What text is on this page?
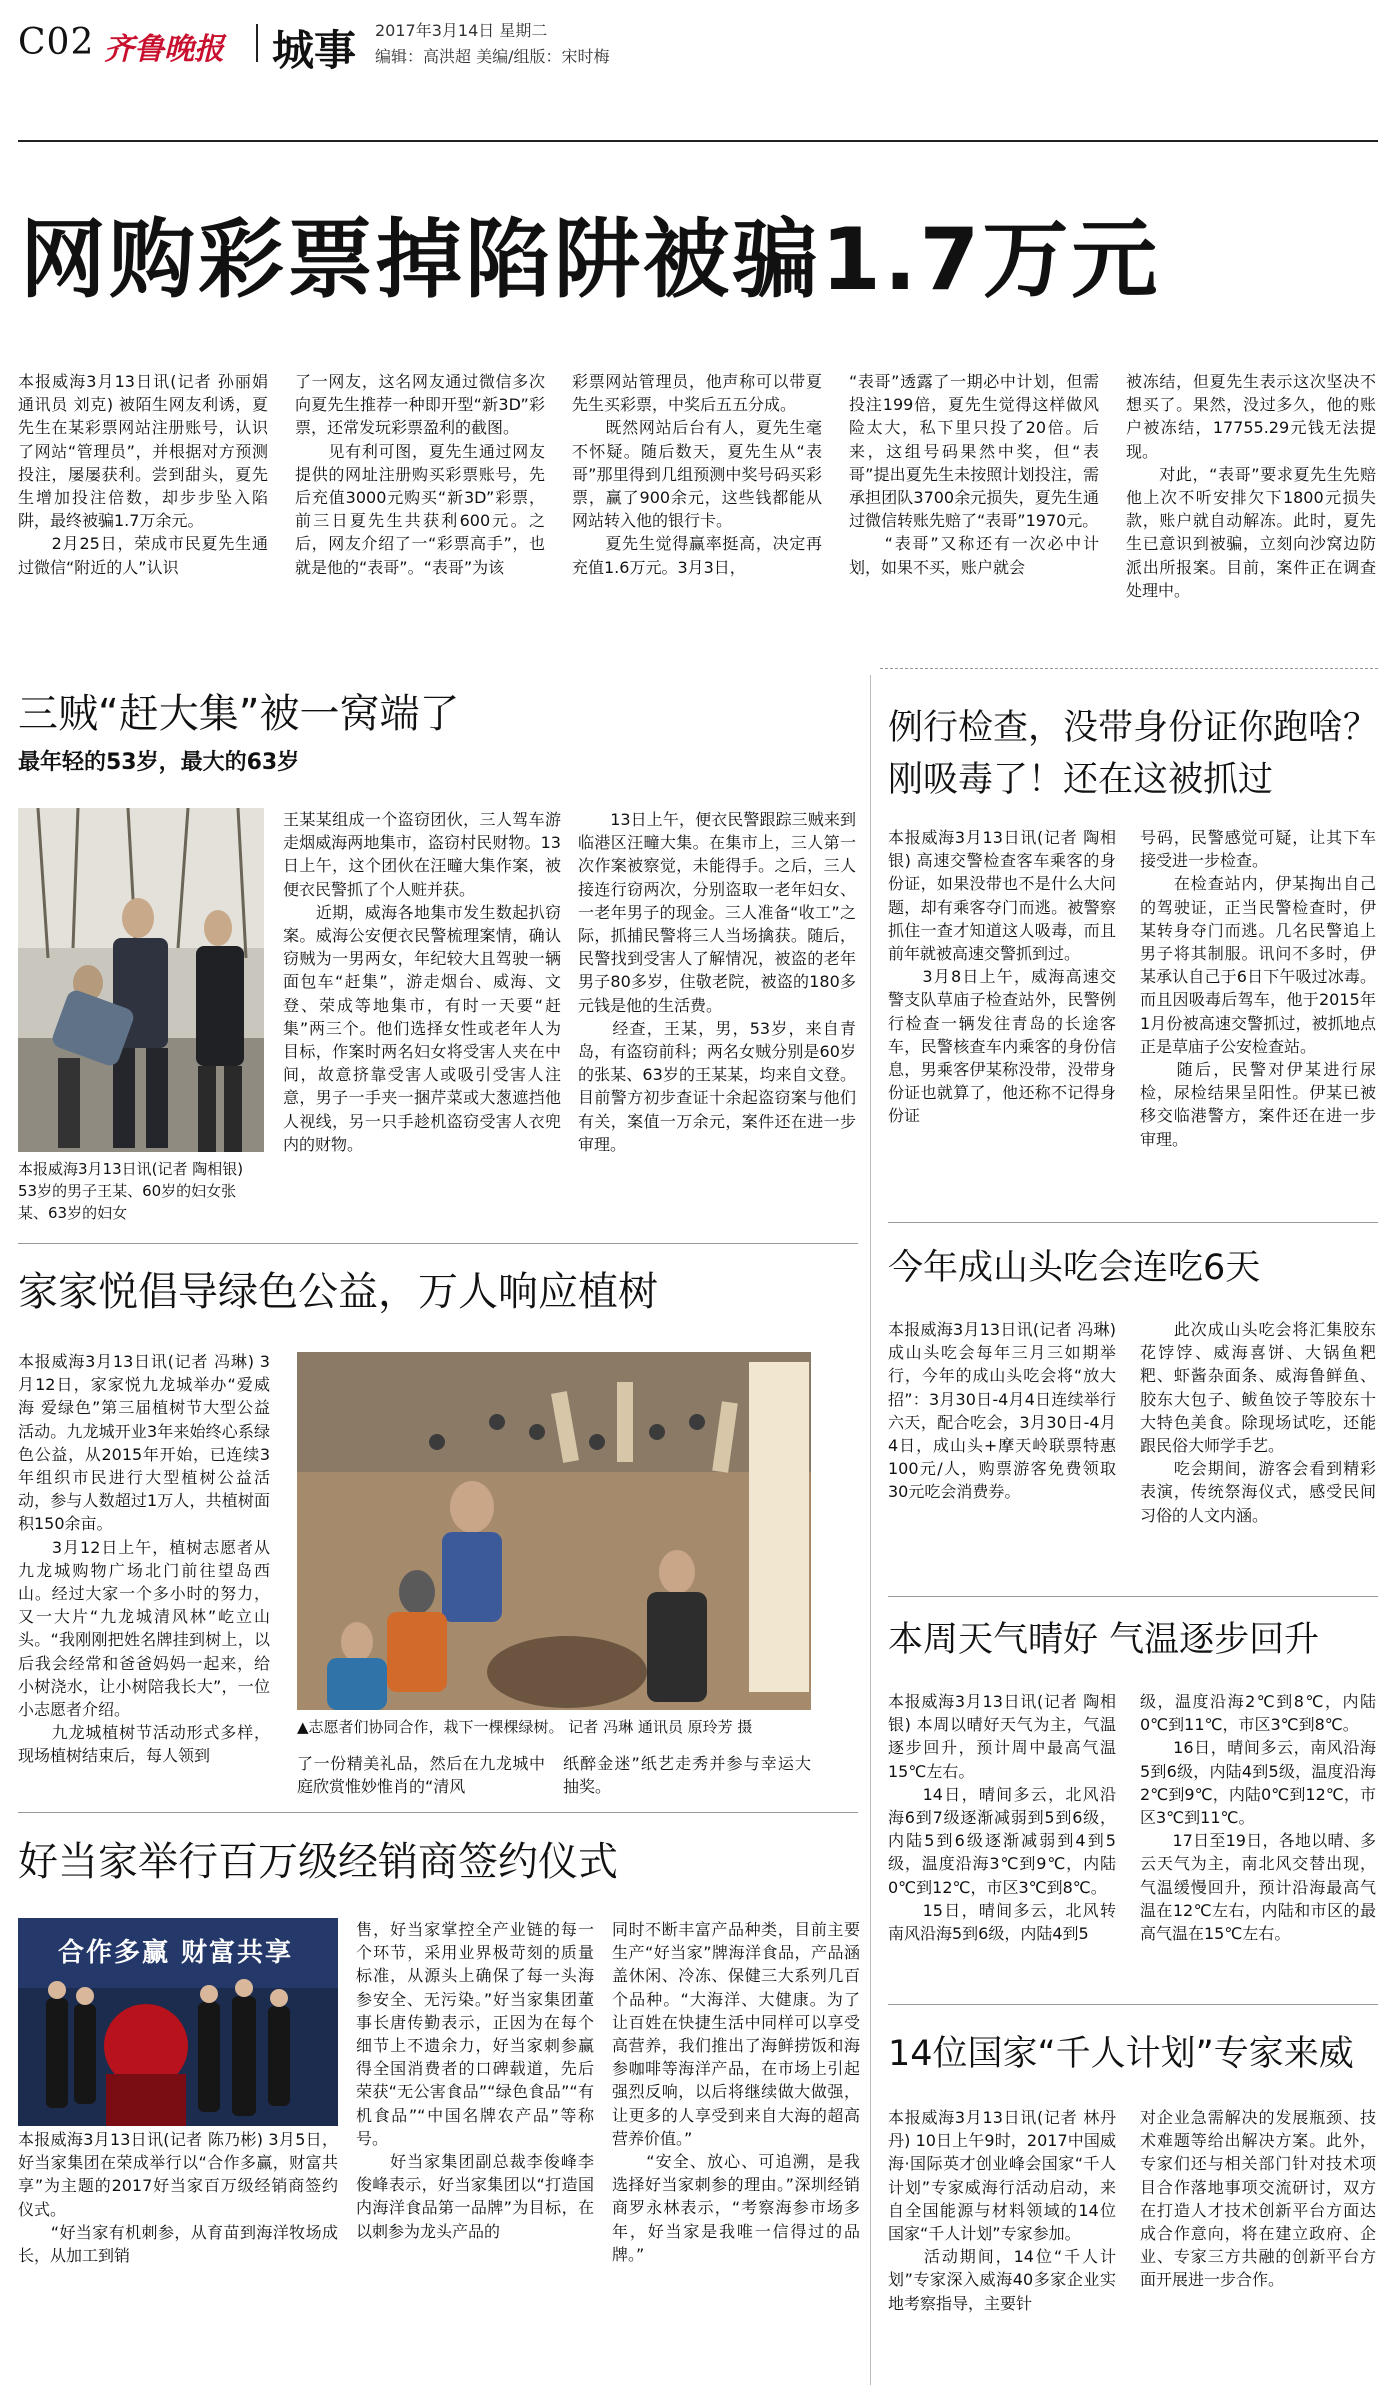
C02 齐鲁晚报 城事 2017年3月14日 星期二
编辑：高洪超 美编/组版：宋时梅
网购彩票掉陷阱被骗1.7万元
本报威海3月13日讯(记者 孙丽娟 通讯员 刘克) 被陌生网友利诱，夏先生在某彩票网站注册账号，认识了网站“管理员”，并根据对方预测投注，屡屡获利。尝到甜头，夏先生增加投注倍数，却步步坠入陷阱，最终被骗1.7万余元。
　　2月25日，荣成市民夏先生通过微信“附近的人”认识
了一网友，这名网友通过微信多次向夏先生推荐一种即开型“新3D”彩票，还常发玩彩票盈利的截图。
　　见有利可图，夏先生通过网友提供的网址注册购买彩票账号，先后充值3000元购买“新3D”彩票，前三日夏先生共获利600元。之后，网友介绍了一“彩票高手”，也就是他的“表哥”。“表哥”为该
彩票网站管理员，他声称可以带夏先生买彩票，中奖后五五分成。
　　既然网站后台有人，夏先生毫不怀疑。随后数天，夏先生从“表哥”那里得到几组预测中奖号码买彩票，赢了900余元，这些钱都能从网站转入他的银行卡。
　　夏先生觉得赢率挺高，决定再充值1.6万元。3月3日，
“表哥”透露了一期必中计划，但需投注199倍，夏先生觉得这样做风险太大，私下里只投了20倍。后来，这组号码果然中奖，但“表哥”提出夏先生未按照计划投注，需承担团队3700余元损失，夏先生通过微信转账先赔了“表哥”1970元。
　　“表哥”又称还有一次必中计划，如果不买，账户就会
被冻结，但夏先生表示这次坚决不想买了。果然，没过多久，他的账户被冻结，17755.29元钱无法提现。
　　对此，“表哥”要求夏先生先赔他上次不听安排欠下1800元损失款，账户就自动解冻。此时，夏先生已意识到被骗，立刻向沙窝边防派出所报案。目前，案件正在调查处理中。
三贼“赶大集”被一窝端了
最年轻的53岁，最大的63岁
本报威海3月13日讯(记者 陶相银) 53岁的男子王某、60岁的妇女张某、63岁的妇女
王某某组成一个盗窃团伙，三人驾车游走烟威海两地集市，盗窃村民财物。13日上午，这个团伙在汪疃大集作案，被便衣民警抓了个人赃并获。
　　近期，威海各地集市发生数起扒窃案。威海公安便衣民警梳理案情，确认窃贼为一男两女，年纪较大且驾驶一辆面包车“赶集”，游走烟台、威海、文登、荣成等地集市，有时一天要“赶集”两三个。他们选择女性或老年人为目标，作案时两名妇女将受害人夹在中间，故意挤靠受害人或吸引受害人注意，男子一手夹一捆芹菜或大葱遮挡他人视线，另一只手趁机盗窃受害人衣兜内的财物。
　　13日上午，便衣民警跟踪三贼来到临港区汪疃大集。在集市上，三人第一次作案被察觉，未能得手。之后，三人接连行窃两次，分别盗取一老年妇女、一老年男子的现金。三人准备“收工”之际，抓捕民警将三人当场擒获。随后，民警找到受害人了解情况，被盗的老年男子80多岁，住敬老院，被盗的180多元钱是他的生活费。
　　经查，王某，男，53岁，来自青岛，有盗窃前科；两名女贼分别是60岁的张某、63岁的王某某，均来自文登。目前警方初步查证十余起盗窃案与他们有关，案值一万余元，案件还在进一步审理。
家家悦倡导绿色公益，万人响应植树
本报威海3月13日讯(记者 冯琳) 3月12日，家家悦九龙城举办“爱威海 爱绿色”第三届植树节大型公益活动。九龙城开业3年来始终心系绿色公益，从2015年开始，已连续3年组织市民进行大型植树公益活动，参与人数超过1万人，共植树面积150余亩。
　　3月12日上午，植树志愿者从九龙城购物广场北门前往望岛西山。经过大家一个多小时的努力，又一大片“九龙城清风林”屹立山头。“我刚刚把姓名牌挂到树上，以后我会经常和爸爸妈妈一起来，给小树浇水，让小树陪我长大”，一位小志愿者介绍。
　　九龙城植树节活动形式多样，现场植树结束后，每人领到
▲志愿者们协同合作，栽下一棵棵绿树。 记者 冯琳 通讯员 原玲芳 摄
了一份精美礼品，然后在九龙城中庭欣赏惟妙惟肖的“清风
纸醉金迷”纸艺走秀并参与幸运大抽奖。
好当家举行百万级经销商签约仪式
合作多赢 财富共享
本报威海3月13日讯(记者 陈乃彬) 3月5日，好当家集团在荣成举行以“合作多赢，财富共享”为主题的2017好当家百万级经销商签约仪式。
　　“好当家有机刺参，从育苗到海洋牧场成长，从加工到销
售，好当家掌控全产业链的每一个环节，采用业界极苛刻的质量标准，从源头上确保了每一头海参安全、无污染。”好当家集团董事长唐传勤表示，正因为在每个细节上不遗余力，好当家刺参赢得全国消费者的口碑载道，先后荣获“无公害食品”“绿色食品”“有机食品”“中国名牌农产品”等称号。
　　好当家集团副总裁李俊峰李俊峰表示，好当家集团以“打造国内海洋食品第一品牌”为目标，在以刺参为龙头产品的
同时不断丰富产品种类，目前主要生产“好当家”牌海洋食品，产品涵盖休闲、冷冻、保健三大系列几百个品种。“大海洋、大健康。为了让百姓在快捷生活中同样可以享受高营养，我们推出了海鲜捞饭和海参咖啡等海洋产品，在市场上引起强烈反响，以后将继续做大做强，让更多的人享受到来自大海的超高营养价值。”
　　“安全、放心、可追溯，是我选择好当家刺参的理由。”深圳经销商罗永林表示，“考察海参市场多年，好当家是我唯一信得过的品牌。”
例行检查，没带身份证你跑啥？
刚吸毒了！还在这被抓过
本报威海3月13日讯(记者 陶相银) 高速交警检查客车乘客的身份证，如果没带也不是什么大问题，却有乘客夺门而逃。被警察抓住一查才知道这人吸毒，而且前年就被高速交警抓到过。
　　3月8日上午，威海高速交警支队草庙子检查站外，民警例行检查一辆发往青岛的长途客车，民警核查车内乘客的身份信息，男乘客伊某称没带，没带身份证也就算了，他还称不记得身份证
号码，民警感觉可疑，让其下车接受进一步检查。
　　在检查站内，伊某掏出自己的驾驶证，正当民警检查时，伊某转身夺门而逃。几名民警追上男子将其制服。讯问不多时，伊某承认自己于6日下午吸过冰毒。而且因吸毒后驾车，他于2015年1月份被高速交警抓过，被抓地点正是草庙子公安检查站。
　　随后，民警对伊某进行尿检，尿检结果呈阳性。伊某已被移交临港警方，案件还在进一步审理。
今年成山头吃会连吃6天
本报威海3月13日讯(记者 冯琳) 成山头吃会每年三月三如期举行，今年的成山头吃会将“放大招”：3月30日-4月4日连续举行六天，配合吃会，3月30日-4月4日，成山头+摩天岭联票特惠100元/人，购票游客免费领取30元吃会消费券。
　　此次成山头吃会将汇集胶东花饽饽、威海喜饼、大锅鱼粑粑、虾酱杂面条、威海鲁鲜鱼、胶东大包子、鲅鱼饺子等胶东十大特色美食。除现场试吃，还能跟民俗大师学手艺。
　　吃会期间，游客会看到精彩表演，传统祭海仪式，感受民间习俗的人文内涵。
本周天气晴好 气温逐步回升
本报威海3月13日讯(记者 陶相银) 本周以晴好天气为主，气温逐步回升，预计周中最高气温15℃左右。
　　14日，晴间多云，北风沿海6到7级逐渐减弱到5到6级，内陆5到6级逐渐减弱到4到5级，温度沿海3℃到9℃，内陆0℃到12℃，市区3℃到8℃。
　　15日，晴间多云，北风转南风沿海5到6级，内陆4到5
级，温度沿海2℃到8℃，内陆0℃到11℃，市区3℃到8℃。
　　16日，晴间多云，南风沿海5到6级，内陆4到5级，温度沿海2℃到9℃，内陆0℃到12℃，市区3℃到11℃。
　　17日至19日，各地以晴、多云天气为主，南北风交替出现，气温缓慢回升，预计沿海最高气温在12℃左右，内陆和市区的最高气温在15℃左右。
14位国家“千人计划”专家来威
本报威海3月13日讯(记者 林丹丹) 10日上午9时，2017中国威海·国际英才创业峰会国家“千人计划”专家威海行活动启动，来自全国能源与材料领域的14位国家“千人计划”专家参加。
　　活动期间，14位“千人计划”专家深入威海40多家企业实地考察指导，主要针
对企业急需解决的发展瓶颈、技术难题等给出解决方案。此外，专家们还与相关部门针对技术项目合作落地事项交流研讨，双方在打造人才技术创新平台方面达成合作意向，将在建立政府、企业、专家三方共融的创新平台方面开展进一步合作。
